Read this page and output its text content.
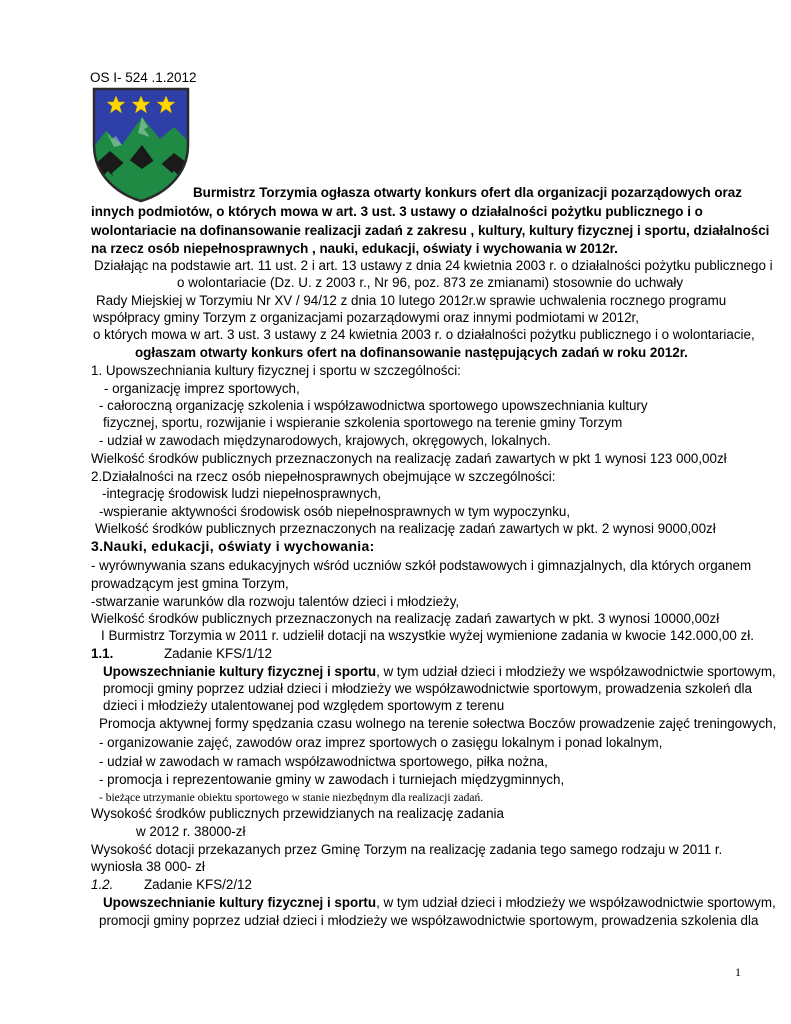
OS I- 524 .1.2012
Burmistrz Torzymia ogłasza otwarty konkurs ofert dla organizacji pozarządowych oraz
innych podmiotów, o których mowa w art. 3 ust. 3 ustawy o działalności pożytku publicznego i o
wolontariacie na dofinansowanie realizacji zadań z zakresu , kultury, kultury fizycznej i sportu, działalności
na rzecz osób niepełnosprawnych , nauki, edukacji, oświaty i wychowania w 2012r.
Działając na podstawie art. 11 ust. 2 i art. 13 ustawy z dnia 24 kwietnia 2003 r. o działalności pożytku publicznego i
o wolontariacie (Dz. U. z 2003 r., Nr 96, poz. 873 ze zmianami) stosownie do uchwały
Rady Miejskiej w Torzymiu Nr XV / 94/12 z dnia 10 lutego 2012r.w sprawie uchwalenia rocznego programu
współpracy gminy Torzym z organizacjami pozarządowymi oraz innymi podmiotami w 2012r,
o których mowa w art. 3 ust. 3 ustawy z 24 kwietnia 2003 r. o działalności pożytku publicznego i o wolontariacie,
ogłaszam otwarty konkurs ofert na dofinansowanie następujących zadań w roku 2012r.
1. Upowszechniania kultury fizycznej i sportu w szczególności:
- organizację imprez sportowych,
- całoroczną organizację szkolenia i współzawodnictwa sportowego upowszechniania kultury
fizycznej, sportu, rozwijanie i wspieranie szkolenia sportowego na terenie gminy Torzym
- udział w zawodach międzynarodowych, krajowych, okręgowych, lokalnych.
Wielkość środków publicznych przeznaczonych na realizację zadań zawartych w pkt 1 wynosi 123 000,00zł
2.Działalności na rzecz osób niepełnosprawnych obejmujące w szczególności:
-integrację środowisk ludzi niepełnosprawnych,
-wspieranie aktywności środowisk osób niepełnosprawnych w tym wypoczynku,
Wielkość środków publicznych przeznaczonych na realizację zadań zawartych w pkt. 2 wynosi 9000,00zł
3.Nauki, edukacji, oświaty i wychowania:
- wyrównywania szans edukacyjnych wśród uczniów szkół podstawowych i gimnazjalnych, dla których organem
prowadzącym jest gmina Torzym,
-stwarzanie warunków dla rozwoju talentów dzieci i młodzieży,
Wielkość środków publicznych przeznaczonych na realizację zadań zawartych w pkt. 3 wynosi 10000,00zł
I Burmistrz Torzymia w 2011 r. udzielił dotacji na wszystkie wyżej wymienione zadania w kwocie 142.000,00 zł.
1.1.	Zadanie KFS/1/12
Upowszechnianie kultury fizycznej i sportu, w tym udział dzieci i młodzieży we współzawodnictwie sportowym,
promocji gminy poprzez udział dzieci i młodzieży we współzawodnictwie sportowym, prowadzenia szkoleń dla
dzieci i młodzieży utalentowanej pod względem sportowym z terenu
Promocja aktywnej formy spędzania czasu wolnego na terenie sołectwa Boczów prowadzenie zajęć treningowych,
- organizowanie zajęć, zawodów oraz imprez sportowych o zasięgu lokalnym i ponad lokalnym,
- udział w zawodach w ramach współzawodnictwa sportowego, piłka nożna,
- promocja i reprezentowanie gminy w zawodach i turniejach międzygminnych,
- bieżące utrzymanie obiektu sportowego w stanie niezbędnym dla realizacji zadań.
Wysokość środków publicznych przewidzianych na realizację zadania
w 2012 r. 38000-zł
Wysokość dotacji przekazanych przez Gminę Torzym na realizację zadania tego samego rodzaju w 2011 r.
wyniosła 38 000- zł
1.2. Zadanie KFS/2/12
Upowszechnianie kultury fizycznej i sportu, w tym udział dzieci i młodzieży we współzawodnictwie sportowym,
promocji gminy poprzez udział dzieci i młodzieży we współzawodnictwie sportowym, prowadzenia szkolenia dla
1
